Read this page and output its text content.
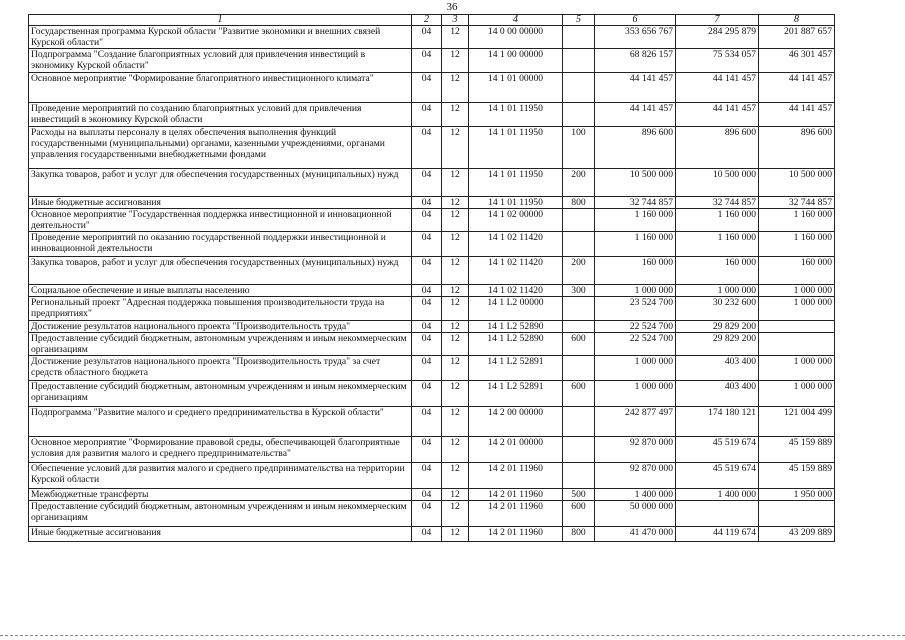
36
1	2	3	4	5	6	7	8
Государственная программа Курской области "Развитие экономики и внешних связей Курской области"	04	12	14 0 00 00000		353 656 767	284 295 879	201 887 657
Подпрограмма "Создание благоприятных условий для привлечения инвестиций в экономику Курской области"	04	12	14 1 00 00000		68 826 157	75 534 057	46 301 457
Основное мероприятие "Формирование благоприятного инвестиционного климата"	04	12	14 1 01 00000		44 141 457	44 141 457	44 141 457
Проведение мероприятий по созданию благоприятных условий для привлечения инвестиций в экономику Курской области	04	12	14 1 01 11950		44 141 457	44 141 457	44 141 457
Расходы на выплаты персоналу в целях обеспечения выполнения функций государственными (муниципальными) органами, казенными учреждениями, органами управления государственными внебюджетными фондами	04	12	14 1 01 11950	100	896 600	896 600	896 600
Закупка товаров, работ и услуг для обеспечения государственных (муниципальных) нужд	04	12	14 1 01 11950	200	10 500 000	10 500 000	10 500 000
Иные бюджетные ассигнования	04	12	14 1 01 11950	800	32 744 857	32 744 857	32 744 857
Основное мероприятие "Государственная поддержка инвестиционной и инновационной деятельности"	04	12	14 1 02 00000		1 160 000	1 160 000	1 160 000
Проведение мероприятий по оказанию государственной поддержки инвестиционной и инновационной деятельности	04	12	14 1 02 11420		1 160 000	1 160 000	1 160 000
Закупка товаров, работ и услуг для обеспечения государственных (муниципальных) нужд	04	12	14 1 02 11420	200	160 000	160 000	160 000
Социальное обеспечение и иные выплаты населению	04	12	14 1 02 11420	300	1 000 000	1 000 000	1 000 000
Региональный проект "Адресная поддержка повышения производительности труда на предприятиях"	04	12	14 1 L2 00000		23 524 700	30 232 600	1 000 000
Достижение результатов национального проекта "Производительность труда"	04	12	14 1 L2 52890		22 524 700	29 829 200	
Предоставление субсидий бюджетным, автономным учреждениям и иным некоммерческим организациям	04	12	14 1 L2 52890	600	22 524 700	29 829 200	
Достижение результатов национального проекта "Производительность труда" за счет средств областного бюджета	04	12	14 1 L2 52891		1 000 000	403 400	1 000 000
Предоставление субсидий бюджетным, автономным учреждениям и иным некоммерческим организациям	04	12	14 1 L2 52891	600	1 000 000	403 400	1 000 000
Подпрограмма "Развитие малого и среднего предпринимательства в Курской области"	04	12	14 2 00 00000		242 877 497	174 180 121	121 004 499
Основное мероприятие "Формирование правовой среды, обеспечивающей благоприятные условия для развития малого и среднего предпринимательства"	04	12	14 2 01 00000		92 870 000	45 519 674	45 159 889
Обеспечение условий для развития малого и среднего предпринимательства на территории Курской области	04	12	14 2 01 11960		92 870 000	45 519 674	45 159 889
Межбюджетные трансферты	04	12	14 2 01 11960	500	1 400 000	1 400 000	1 950 000
Предоставление субсидий бюджетным, автономным учреждениям и иным некоммерческим организациям	04	12	14 2 01 11960	600	50 000 000		
Иные бюджетные ассигнования	04	12	14 2 01 11960	800	41 470 000	44 119 674	43 209 889
